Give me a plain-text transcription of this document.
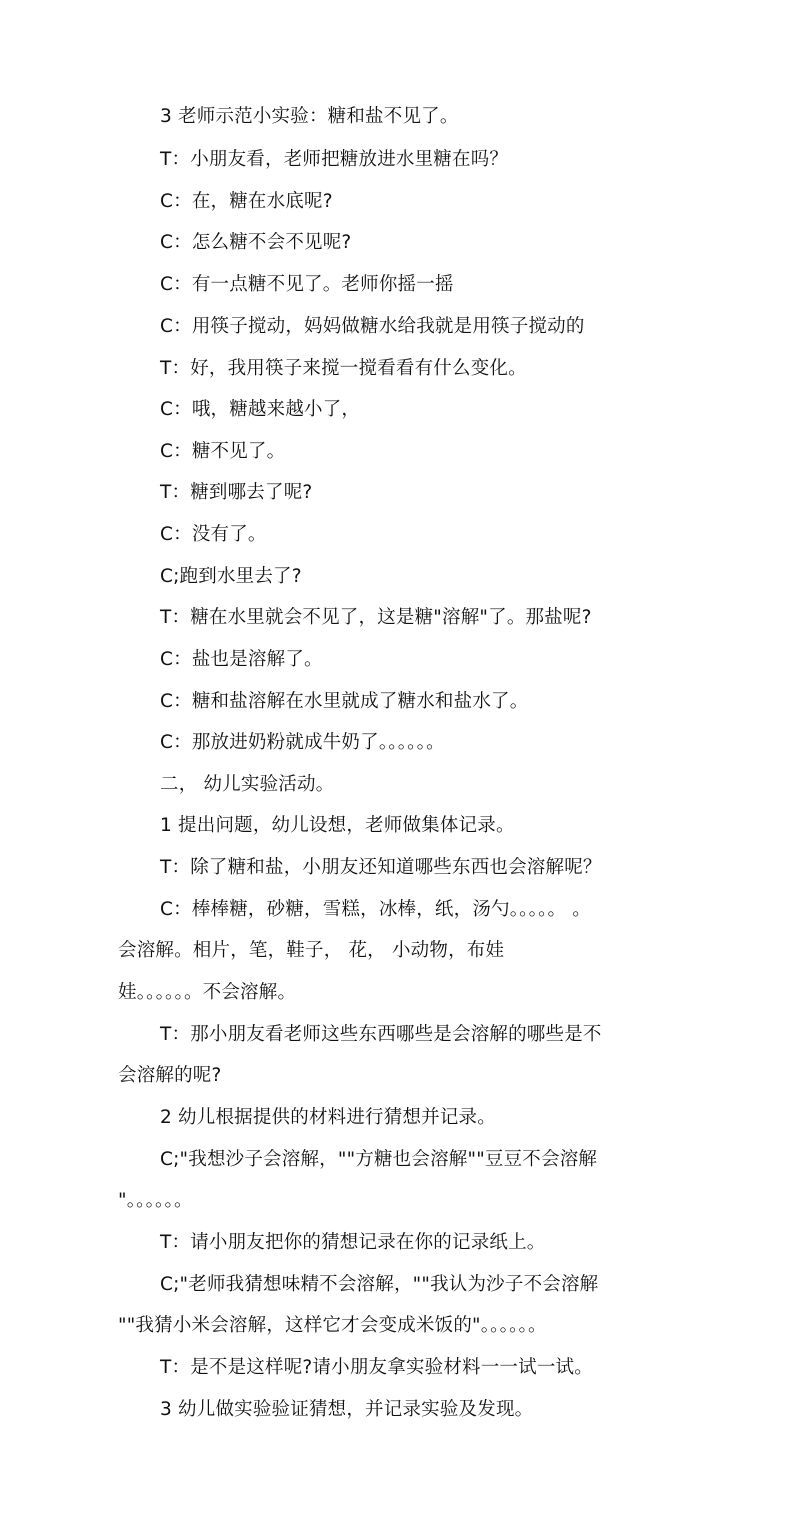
3 老师示范小实验：糖和盐不见了。
T：小朋友看，老师把糖放进水里糖在吗？
C：在，糖在水底呢?
C：怎么糖不会不见呢?
C：有一点糖不见了。老师你摇一摇
C：用筷子搅动，妈妈做糖水给我就是用筷子搅动的
T：好，我用筷子来搅一搅看看有什么变化。
C：哦，糖越来越小了，
C：糖不见了。
T：糖到哪去了呢?
C：没有了。
C;跑到水里去了?
T：糖在水里就会不见了，这是糖"溶解"了。那盐呢?
C：盐也是溶解了。
C：糖和盐溶解在水里就成了糖水和盐水了。
C：那放进奶粉就成牛奶了。。。。。。
二， 幼儿实验活动。
1 提出问题，幼儿设想，老师做集体记录。
T：除了糖和盐，小朋友还知道哪些东西也会溶解呢？
C：棒棒糖，砂糖，雪糕，冰棒，纸，汤勺。。。。。 。
会溶解。相片，笔，鞋子， 花， 小动物，布娃
娃。。。。。。不会溶解。
T：那小朋友看老师这些东西哪些是会溶解的哪些是不
会溶解的呢?
2 幼儿根据提供的材料进行猜想并记录。
C;"我想沙子会溶解，""方糖也会溶解""豆豆不会溶解
"。。。。。。
T：请小朋友把你的猜想记录在你的记录纸上。
C;"老师我猜想味精不会溶解，""我认为沙子不会溶解
""我猜小米会溶解，这样它才会变成米饭的"。。。。。。
T：是不是这样呢?请小朋友拿实验材料一一试一试。
3 幼儿做实验验证猜想，并记录实验及发现。
